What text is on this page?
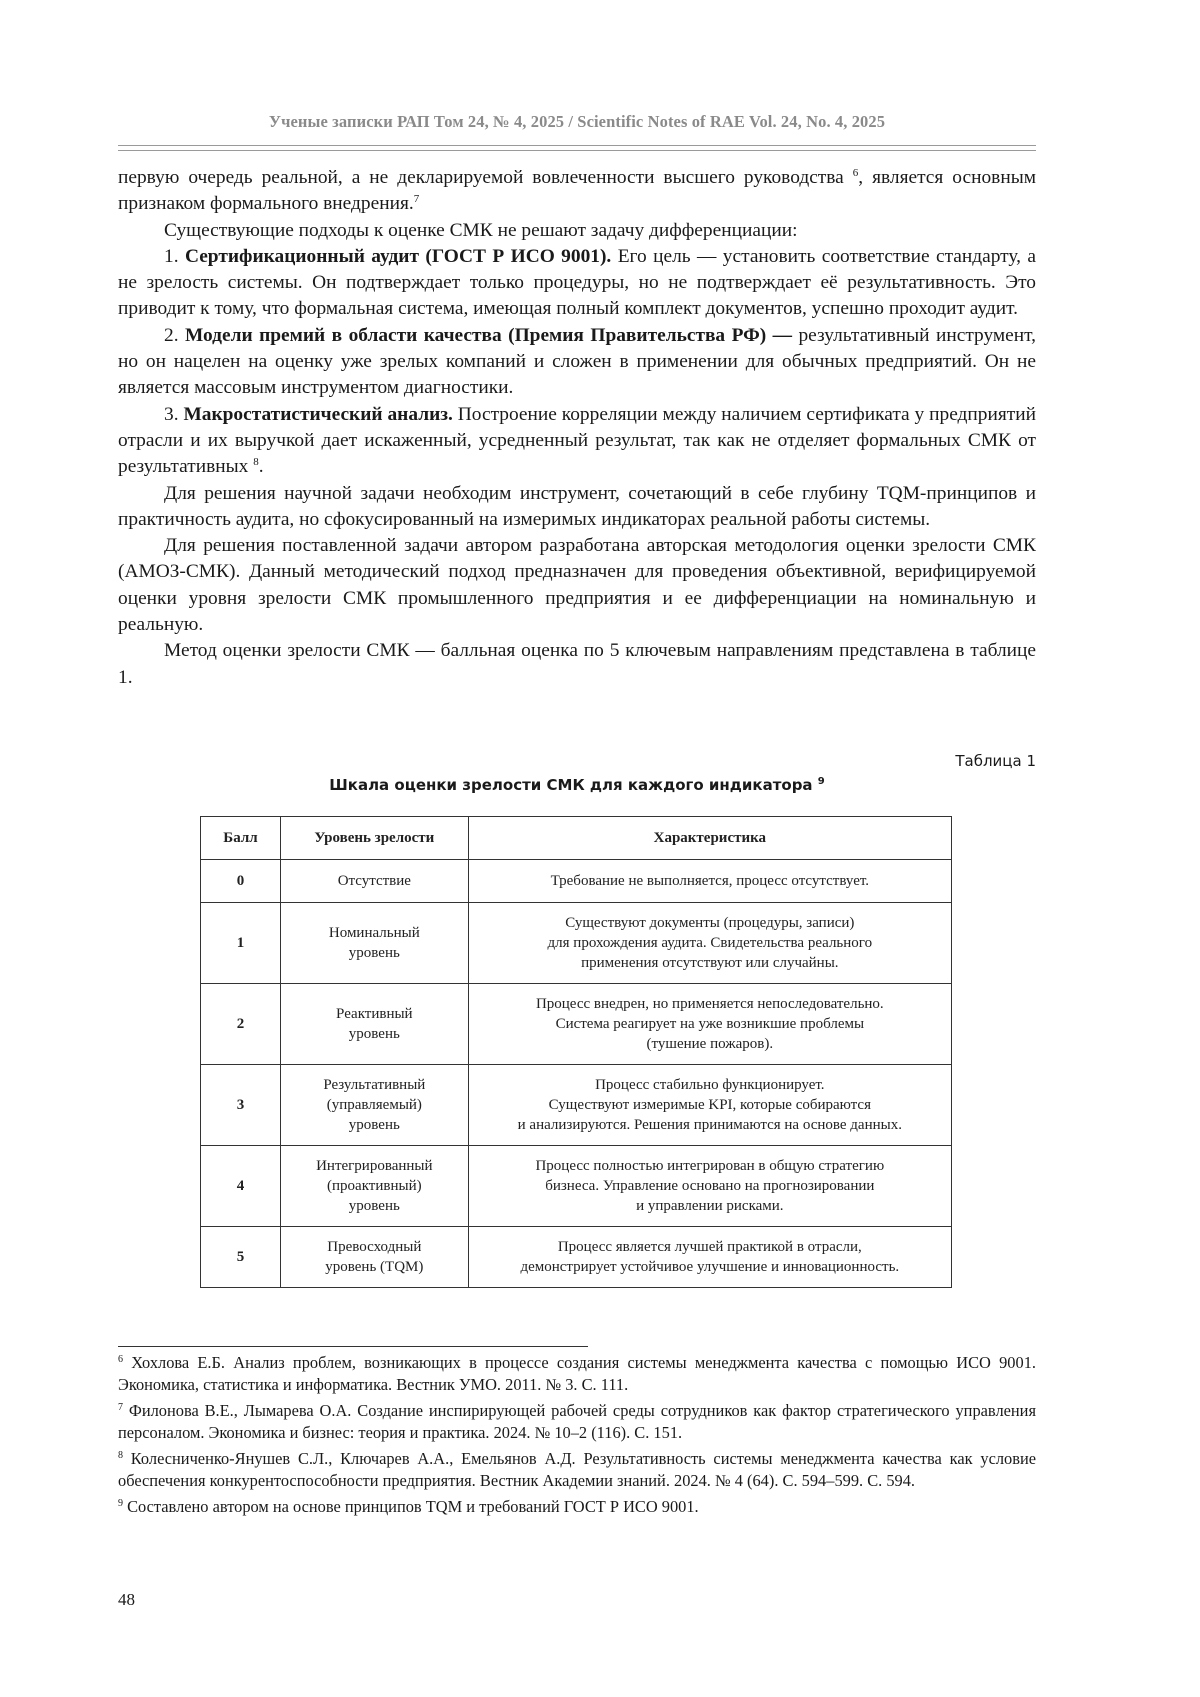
Ученые записки РАП Том 24, № 4, 2025 / Scientific Notes of RAE Vol. 24, No. 4, 2025

первую очередь реальной, а не декларируемой вовлеченности высшего руководства $^6$, является основным признаком формального внедрения.$^7$

Существующие подходы к оценке СМК не решают задачу дифференциации:

1. Сертификационный аудит (ГОСТ Р ИСО 9001). Его цель — установить соответствие стандарту, а не зрелость системы. Он подтверждает только процедуры, но не подтверждает её результативность. Это приводит к тому, что формальная система, имеющая полный комплект документов, успешно проходит аудит.

2. Модели премий в области качества (Премия Правительства РФ) — результативный инструмент, но он нацелен на оценку уже зрелых компаний и сложен в применении для обычных предприятий. Он не является массовым инструментом диагностики.

3. Макростатистический анализ. Построение корреляции между наличием сертификата у предприятий отрасли и их выручкой дает искаженный, усредненный результат, так как не отделяет формальных СМК от результативных $^8$.

Для решения научной задачи необходим инструмент, сочетающий в себе глубину TQM-принципов и практичность аудита, но сфокусированный на измеримых индикаторах реальной работы системы.

Для решения поставленной задачи автором разработана авторская методология оценки зрелости СМК (АМОЗ-СМК). Данный методический подход предназначен для проведения объективной, верифицируемой оценки уровня зрелости СМК промышленного предприятия и ее дифференциации на номинальную и реальную.

Метод оценки зрелости СМК — балльная оценка по 5 ключевым направлениям представлена в таблице 1.

Таблица 1
Шкала оценки зрелости СМК для каждого индикатора $^9$
Балл	Уровень зрелости	Характеристика
0	Отсутствие	Требование не выполняется, процесс отсутствует.

1	Номинальный
уровень	Существуют документы (процедуры, записи)
для прохождения аудита. Свидетельства реального
применения отсутствуют или случайны.

2	Реактивный
уровень	Процесс внедрен, но применяется непоследовательно.
Система реагирует на уже возникшие проблемы
(тушение пожаров).

3	Результативный
(управляемый)
уровень	Процесс стабильно функционирует.
Существуют измеримые KPI, которые собираются
и анализируются. Решения принимаются на основе данных.

4	Интегрированный
(проактивный)
уровень	Процесс полностью интегрирован в общую стратегию
бизнеса. Управление основано на прогнозировании
и управлении рисками.

5	Превосходный
уровень (TQM)	Процесс является лучшей практикой в отрасли,
демонстрирует устойчивое улучшение и инновационность.

$^6$ Хохлова Е.Б. Анализ проблем, возникающих в процессе создания системы менеджмента качества с помощью ИСО 9001. Экономика, статистика и информатика. Вестник УМО. 2011. № 3. С. 111.

$^7$ Филонова В.Е., Лымарева О.А. Создание инспирирующей рабочей среды сотрудников как фактор стратегического управления персоналом. Экономика и бизнес: теория и практика. 2024. № 10–2 (116). С. 151.

$^8$ Колесниченко-Янушев С.Л., Ключарев А.А., Емельянов А.Д. Результативность системы менеджмента качества как условие обеспечения конкурентоспособности предприятия. Вестник Академии знаний. 2024. № 4 (64). С. 594–599. С. 594.

$^9$ Составлено автором на основе принципов TQM и требований ГОСТ Р ИСО 9001.

48
